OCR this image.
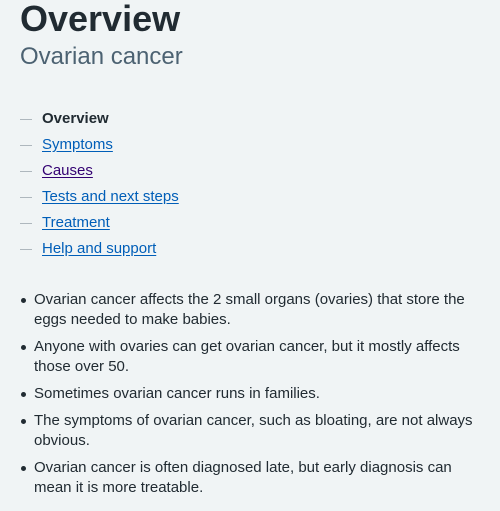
Overview

Ovarian cancer

Overview
Symptoms
Causes
Tests and next steps
Treatment
Help and support
Ovarian cancer affects the 2 small organs (ovaries) that store the eggs needed to make babies.
Anyone with ovaries can get ovarian cancer, but it mostly affects those over 50.
Sometimes ovarian cancer runs in families.
The symptoms of ovarian cancer, such as bloating, are not always obvious.
Ovarian cancer is often diagnosed late, but early diagnosis can mean it is more treatable.
